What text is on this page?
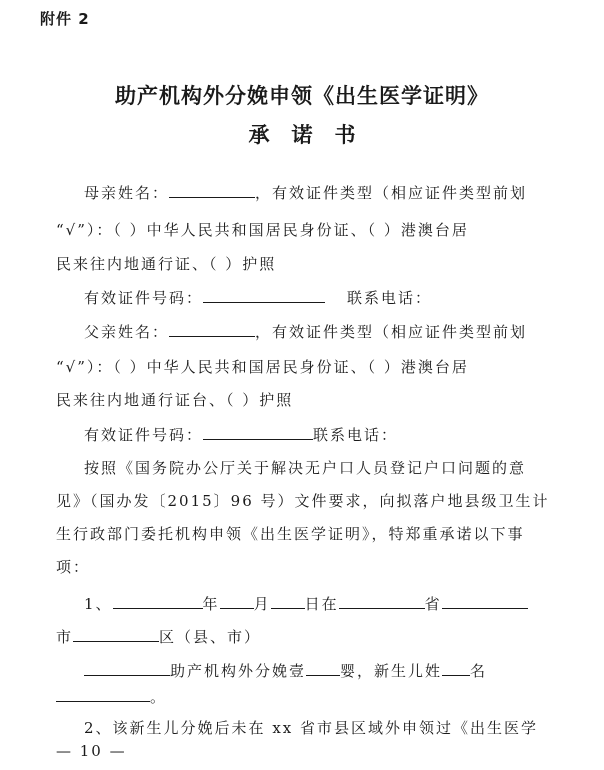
附件 2
助产机构外分娩申领《出生医学证明》
承诺书
母亲姓名：	，有效证件类型（相应证件类型前划
“√”）：（ ）中华人民共和国居民身份证、（ ）港澳台居
民来往内地通行证、（ ）护照
有效证件号码：	联系电话：
父亲姓名：	，有效证件类型（相应证件类型前划
“√”）：（ ）中华人民共和国居民身份证、（ ）港澳台居
民来往内地通行证台、（ ）护照
有效证件号码：	联系电话：
按照《国务院办公厅关于解决无户口人员登记户口问题的意
见》（国办发〔2015〕96 号）文件要求，向拟落户地县级卫生计
生行政部门委托机构申领《出生医学证明》，特郑重承诺以下事
项：
1、	年 月 日在	省
市	区（县、市）
助产机构外分娩壹 婴，新生儿姓 名
。
2、该新生儿分娩后未在 xx 省市县区域外申领过《出生医学
— 10 —
